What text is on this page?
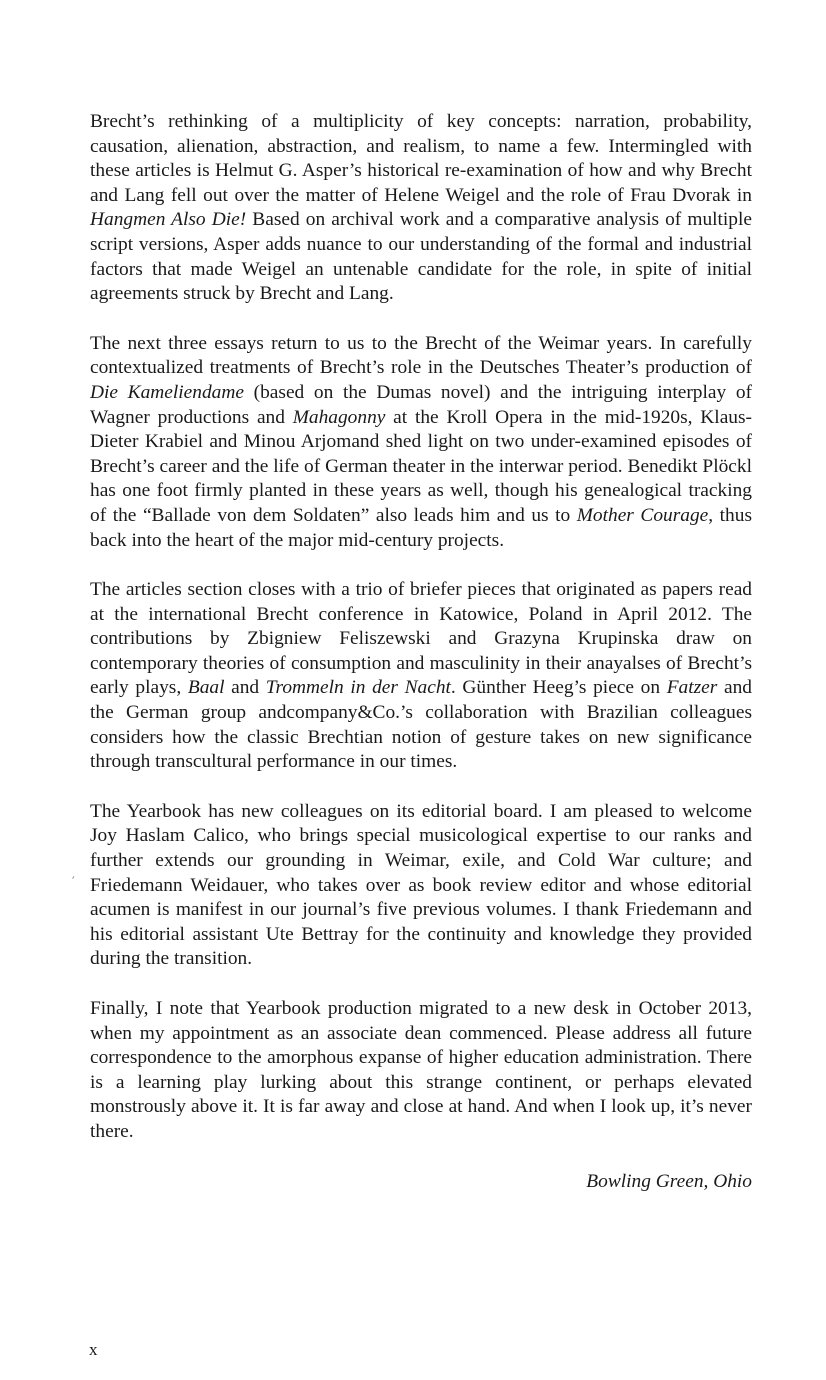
Brecht’s rethinking of a multiplicity of key concepts: narration, probability, causation, alienation, abstraction, and realism, to name a few. Intermingled with these articles is Helmut G. Asper’s historical re-examination of how and why Brecht and Lang fell out over the matter of Helene Weigel and the role of Frau Dvorak in Hangmen Also Die! Based on archival work and a comparative analysis of multiple script versions, Asper adds nuance to our understanding of the formal and industrial factors that made Weigel an untenable candidate for the role, in spite of initial agreements struck by Brecht and Lang.

The next three essays return to us to the Brecht of the Weimar years. In carefully contextualized treatments of Brecht’s role in the Deutsches Theater’s production of Die Kameliendame (based on the Dumas novel) and the intriguing interplay of Wagner productions and Mahagonny at the Kroll Opera in the mid-1920s, Klaus-Dieter Krabiel and Minou Arjomand shed light on two under-examined episodes of Brecht’s career and the life of German theater in the interwar period. Benedikt Plöckl has one foot firmly planted in these years as well, though his genealogical tracking of the “Ballade von dem Soldaten” also leads him and us to Mother Courage, thus back into the heart of the major mid-century projects.

The articles section closes with a trio of briefer pieces that originated as papers read at the international Brecht conference in Katowice, Poland in April 2012. The contributions by Zbigniew Feliszewski and Grazyna Krupinska draw on contemporary theories of consumption and masculinity in their anayalses of Brecht’s early plays, Baal and Trommeln in der Nacht. Günther Heeg’s piece on Fatzer and the German group andcompany&Co.’s collaboration with Brazilian colleagues considers how the classic Brechtian notion of gesture takes on new significance through transcultural performance in our times.

The Yearbook has new colleagues on its editorial board. I am pleased to welcome Joy Haslam Calico, who brings special musicological expertise to our ranks and further extends our grounding in Weimar, exile, and Cold War culture; and Friedemann Weidauer, who takes over as book review editor and whose editorial acumen is manifest in our journal’s five previous volumes. I thank Friedemann and his editorial assistant Ute Bettray for the continuity and knowledge they provided during the transition.

Finally, I note that Yearbook production migrated to a new desk in October 2013, when my appointment as an associate dean commenced. Please address all future correspondence to the amorphous expanse of higher education administration. There is a learning play lurking about this strange continent, or perhaps elevated monstrously above it. It is far away and close at hand. And when I look up, it’s never there.

Bowling Green, Ohio

′
x
